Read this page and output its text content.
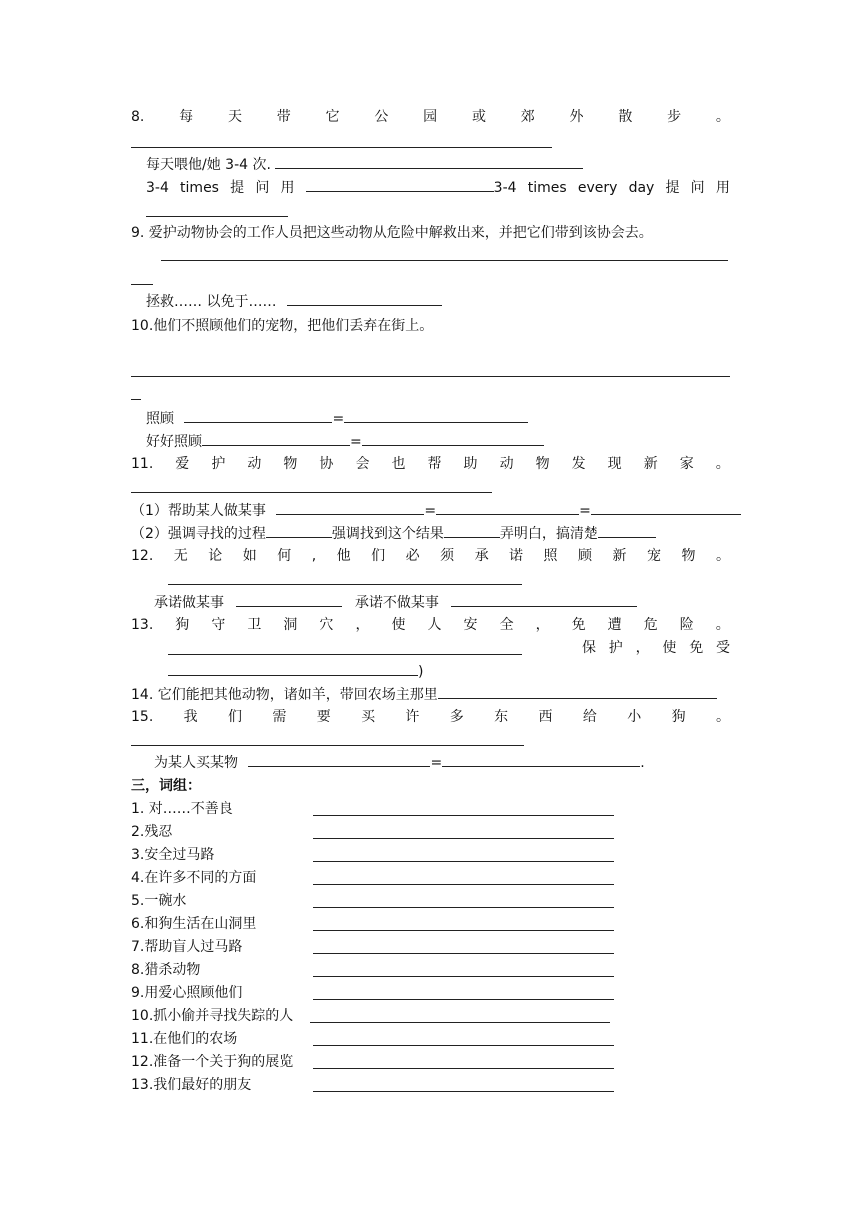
8. 每 天 带 它 公 园 或 郊 外 散 步 。
每天喂他/她 3-4 次.
3-4 times 提 问 用	3-4 times every day 提 问 用
9. 爱护动物协会的工作人员把这些动物从危险中解救出来，并把它们带到该协会去。
拯救…… 以免于……
10.他们不照顾他们的宠物，把他们丢弃在街上。
照顾	=
好好照顾	=
11. 爱 护 动 物 协 会 也 帮 助 动 物 发 现 新 家 。
（1）帮助某人做某事	=	=
（2）强调寻找的过程	强调找到这个结果	弄明白，搞清楚
12. 无 论 如 何 , 他 们 必 须 承 诺 照 顾 新 宠 物 。
承诺做某事	承诺不做某事
13. 狗 守 卫 洞 穴 ， 使 人 安 全 ， 免 遭 危 险 。
保 护 ， 使 免 受
)
14. 它们能把其他动物，诸如羊，带回农场主那里
15. 我 们 需 要 买 许 多 东 西 给 小 狗 。
为某人买某物	=	.
三，词组：
1. 对……不善良
2.残忍
3.安全过马路
4.在许多不同的方面
5.一碗水
6.和狗生活在山洞里
7.帮助盲人过马路
8.猎杀动物
9.用爱心照顾他们
10.抓小偷并寻找失踪的人
11.在他们的农场
12.准备一个关于狗的展览
13.我们最好的朋友
